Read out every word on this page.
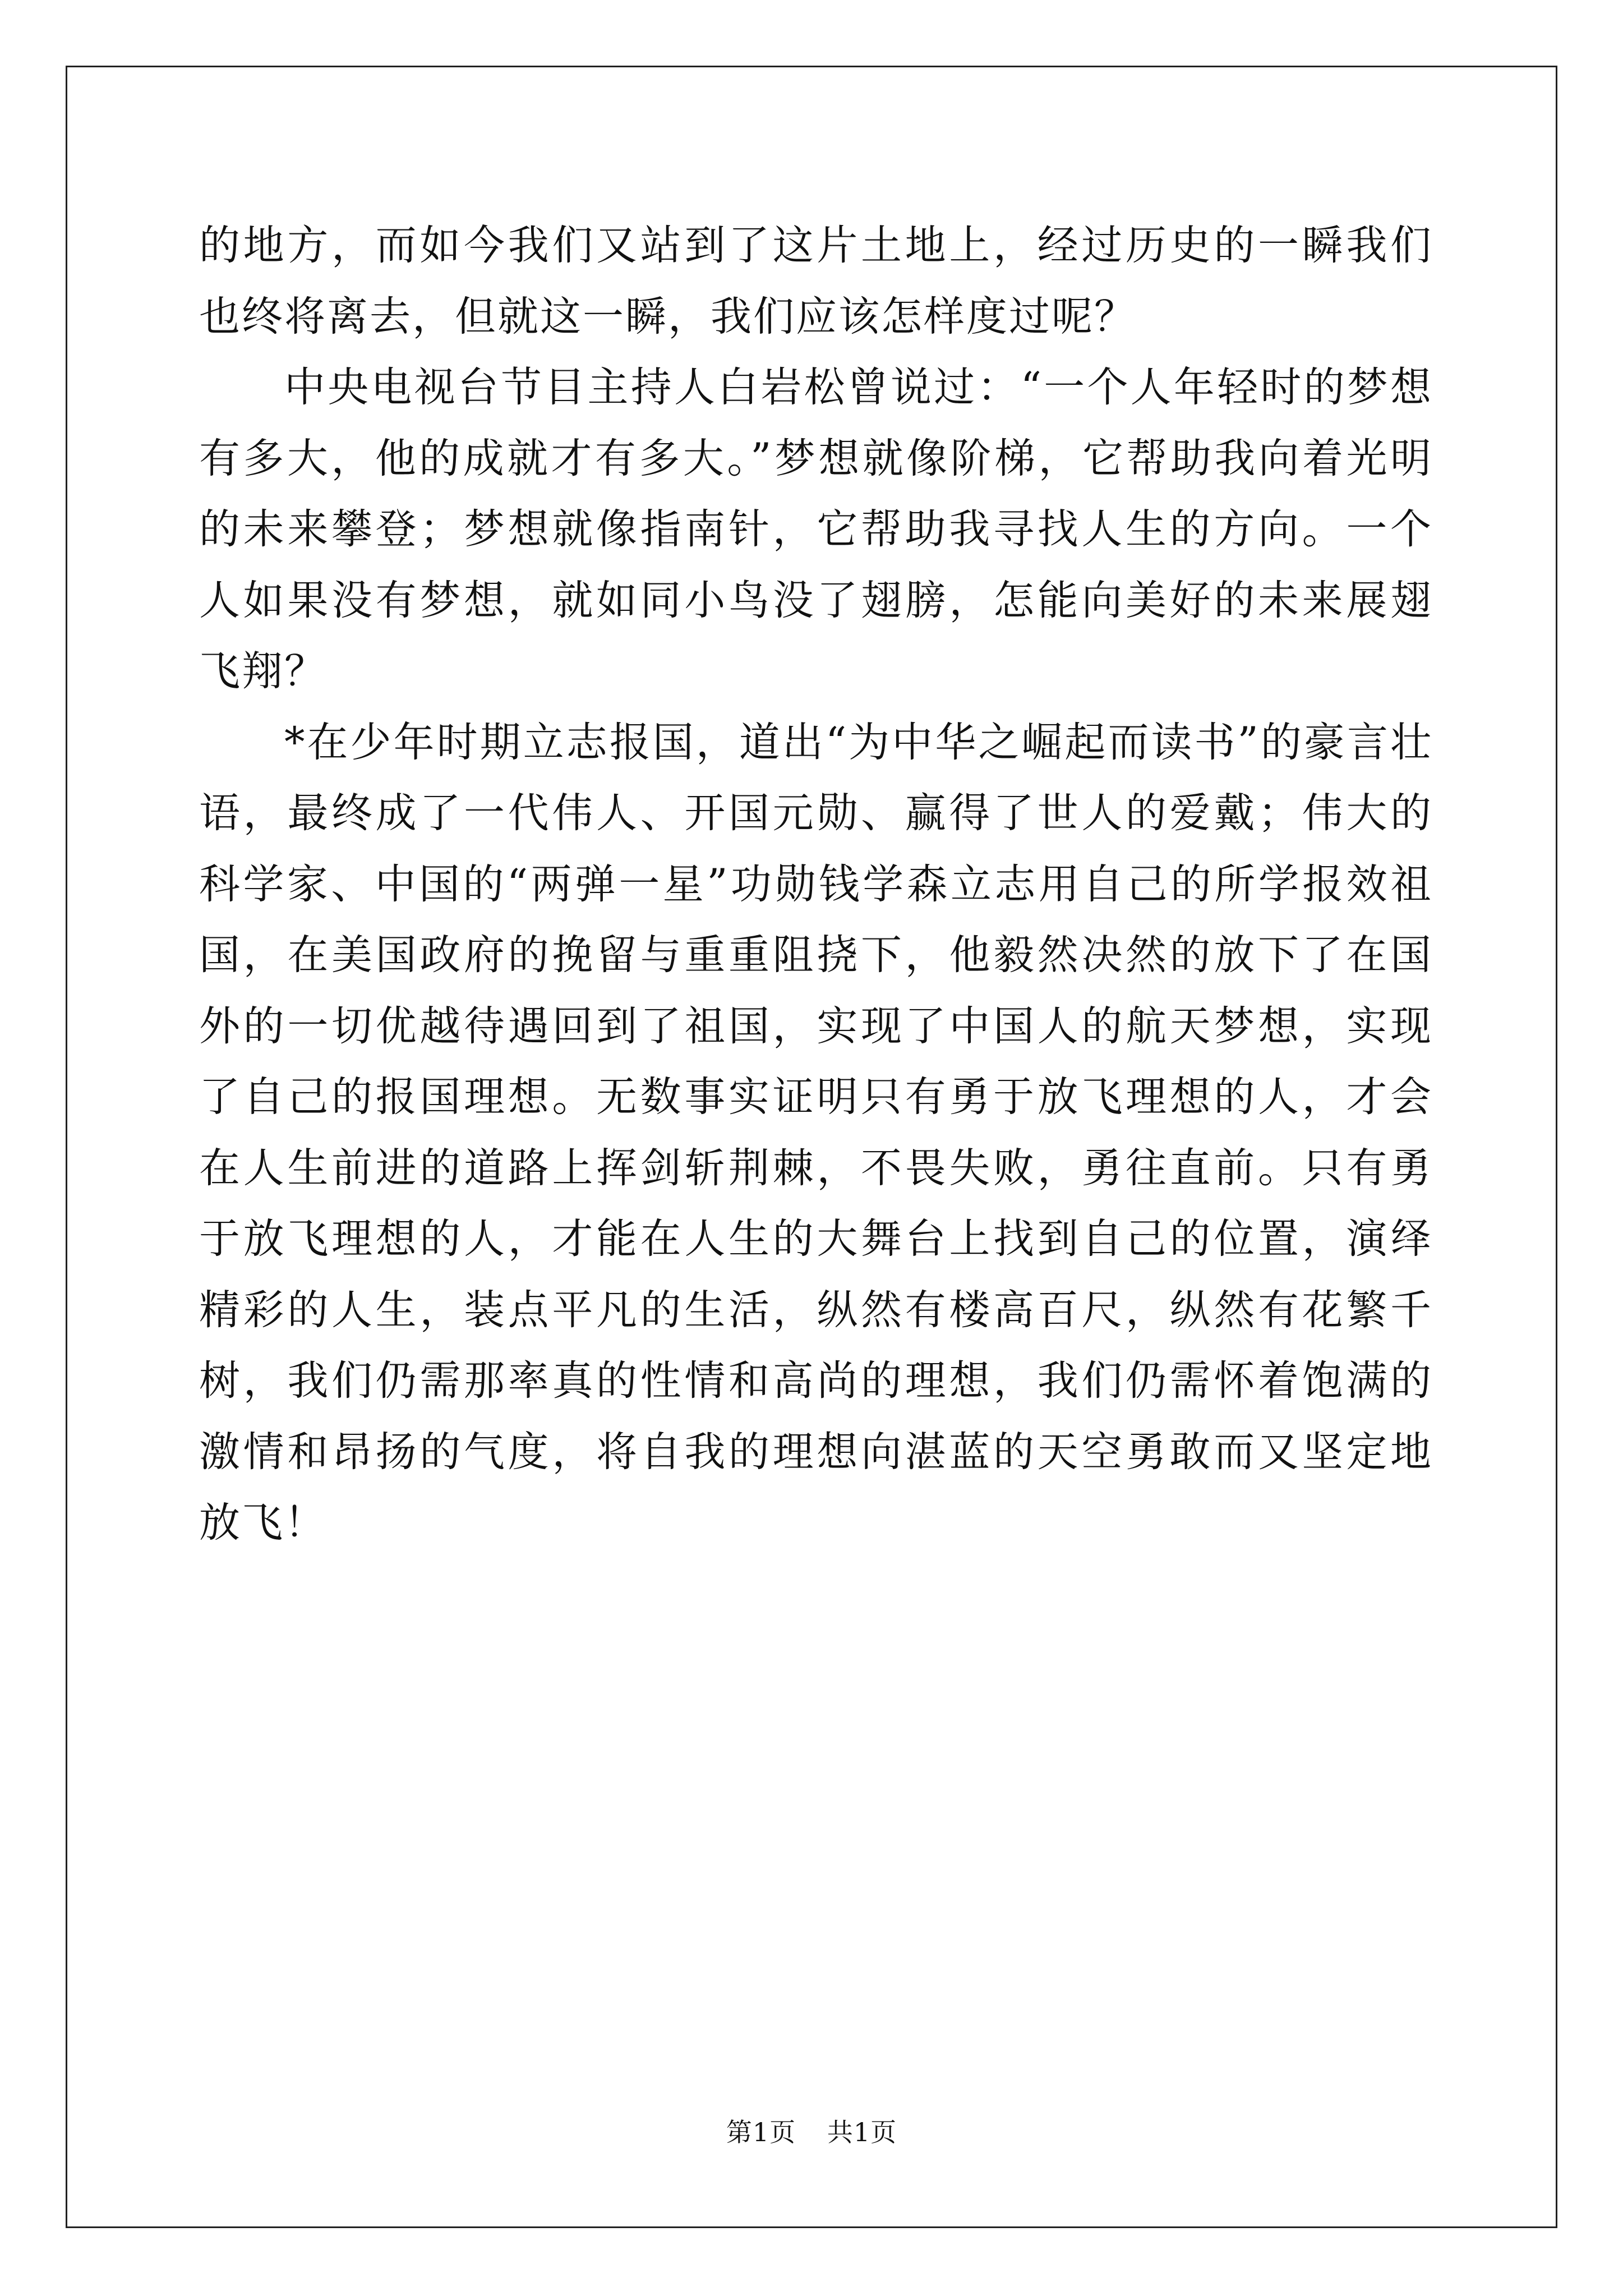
的地方，而如今我们又站到了这片土地上，经过历史的一瞬我们也终将离去，但就这一瞬，我们应该怎样度过呢？

中央电视台节目主持人白岩松曾说过：“一个人年轻时的梦想有多大，他的成就才有多大。”梦想就像阶梯，它帮助我向着光明的未来攀登；梦想就像指南针，它帮助我寻找人生的方向。一个人如果没有梦想，就如同小鸟没了翅膀，怎能向美好的未来展翅飞翔？

*在少年时期立志报国，道出“为中华之崛起而读书”的豪言壮语，最终成了一代伟人、开国元勋、赢得了世人的爱戴；伟大的科学家、中国的“两弹一星”功勋钱学森立志用自己的所学报效祖国，在美国政府的挽留与重重阻挠下，他毅然决然的放下了在国外的一切优越待遇回到了祖国，实现了中国人的航天梦想，实现了自己的报国理想。无数事实证明只有勇于放飞理想的人，才会在人生前进的道路上挥剑斩荆棘，不畏失败，勇往直前。只有勇于放飞理想的人，才能在人生的大舞台上找到自己的位置，演绎精彩的人生，装点平凡的生活，纵然有楼高百尺，纵然有花繁千树，我们仍需那率真的性情和高尚的理想，我们仍需怀着饱满的激情和昂扬的气度，将自我的理想向湛蓝的天空勇敢而又坚定地放飞！

第1页 共1页
